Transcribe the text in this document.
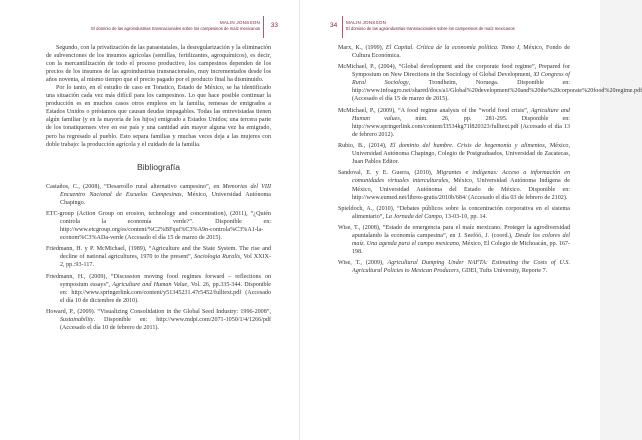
MALIN JONSSON
El dominio de las agroindustrias transnacionales sobre los campesinos de maíz mexicanos 33

Segundo, con la privatización de las paraestatales, la desregularización y la eliminación de subvenciones de los insumos agrícolas (semillas, fertilizantes, agroquímicos), es decir, con la mercantilización de todo el proceso productivo, los campesinos dependen de los precios de los insumos de las agroindustrias transnacionales, muy incrementados desde los años noventa, al mismo tiempo que el precio pagado por el producto final ha disminuido.

Por lo tanto, en el estudio de caso en Tonatico, Estado de México, se ha identificado una situación cada vez más difícil para los campesinos. Lo que hace posible continuar la producción es en muchos casos otros empleos en la familia, remesas de emigrados a Estados Unidos o préstamos que causan deudas impagables. Todas las entrevistadas tienen algún familiar (y en la mayoría de los hijos) emigrado a Estados Unidos; una tercera parte de los tonatiquenses vive en ese país y una cantidad aún mayor alguna vez ha emigrado, pero ha regresado al pueblo. Esto separa familias y muchas veces deja a las mujeres con doble trabajo: la producción agrícola y el cuidado de la familia.

Bibliografía

Castaños, C., (2008), “Desarrollo rural alternativo campesino”, en Memorias del VIII Encuentro Nacional de Escuelas Campesinas, México, Universidad Autónoma Chapingo.

ETC-group (Action Group on erosion, technology and concentration), (2011), “¿Quién controla la economía verde?”. Disponible en: http://www.etcgroup.org/es/content/%C2%BFqui%C3%A9n-controla%C3%A1-la-econom%C3%ADa-verde (Accesado el día 15 de marzo de 2015).

Friedmann, H. y P. McMichael, (1989), “Agriculture and the State System. The rise and decline of national agricultures, 1970 to the present”, Sociologia Ruralis, Vol XXIX-2, pp.:93-117.

Friedmann, H., (2009), “Discussion moving food regimes forward – reflections on symposium essays”, Agriculture and Human Value, Vol. 26, pp.335-344. Disponible en: http://www.springerlink.com/content/y51345231.47r5452/fulltext.pdf (Accesado el día 10 de diciembre de 2010).

Howard, P., (2009). “Visualizing Consolidation in the Global Seed Industry: 1996-2008”, Sustainability. Disponible en: http://www.mdpi.com/2071-1050/1/4/1266/pdf (Accesado el día 10 de febrero de 2011).

MALIN JONSSON
El dominio de las agroindustrias transnacionales sobre los campesinos de maíz mexicanos
34

Marx, K., (1999), El Capital. Crítica de la economía política. Tomo I, México, Fondo de Cultura Económica.

McMichael, P., (2004), “Global development and the corporate food regime”, Prepared for Symposium on New Directions in the Sociology of Global Development, XI Congress of Rural Sociology, Trondheim, Noruega. Disponible en: http://www.infoagro.net/shared/docs/a1/Global%20development%20and%20the%20corporate%20food%20regime.pdf (Accesado el día 15 de marzo de 2015).

McMichael, P., (2009), “A food regime analysis of the “world food crisis”, Agriculture and Human values, núm. 26, pp. 281-295. Disponible en: http://www.springerlink.com/content/l3534kg71l820323/fulltext.pdf (Accesado el día 13 de febrero 2012).

Rubio, B., (2014), El dominio del hambre. Crisis de hegemonía y alimentos, México, Universidad Autónoma Chapingo, Colegio de Postgraduados, Universidad de Zacatecas, Juan Pablos Editor.

Sandoval, E. y E. Guerra, (2010), Migrantes e indígenas: Acceso a información en comunidades virtuales interculturales, México, Universidad Autónoma Indígena de México, Universidad Autónoma del Estado de México. Disponible en: http://www.eumed.net/libros-gratis/2010b/684/ (Accesado el día 03 de febrero de 2102).

Spieldoch, A., (2010), “Debates públicos sobre la concentración corporativa en el sistema alimentario”, La Jornada del Campo, 13-03-10, pp. 14.

Wise, T., (2008), “Estado de emergencia para el maíz mexicano. Proteger la agrodiversidad apuntalando la economía campesina”, en J. Seefóó, J. (coord.), Desde los colores del maíz. Una agenda para el campo mexicano, México, El Colegio de Michoacán, pp. 167-198.

Wise, T., (2009), Agricultural Dumping Under NAFTA: Estimating the Costs of U.S. Agricultural Policies to Mexican Producers, GDEI, Tufts University, Reporte 7.
